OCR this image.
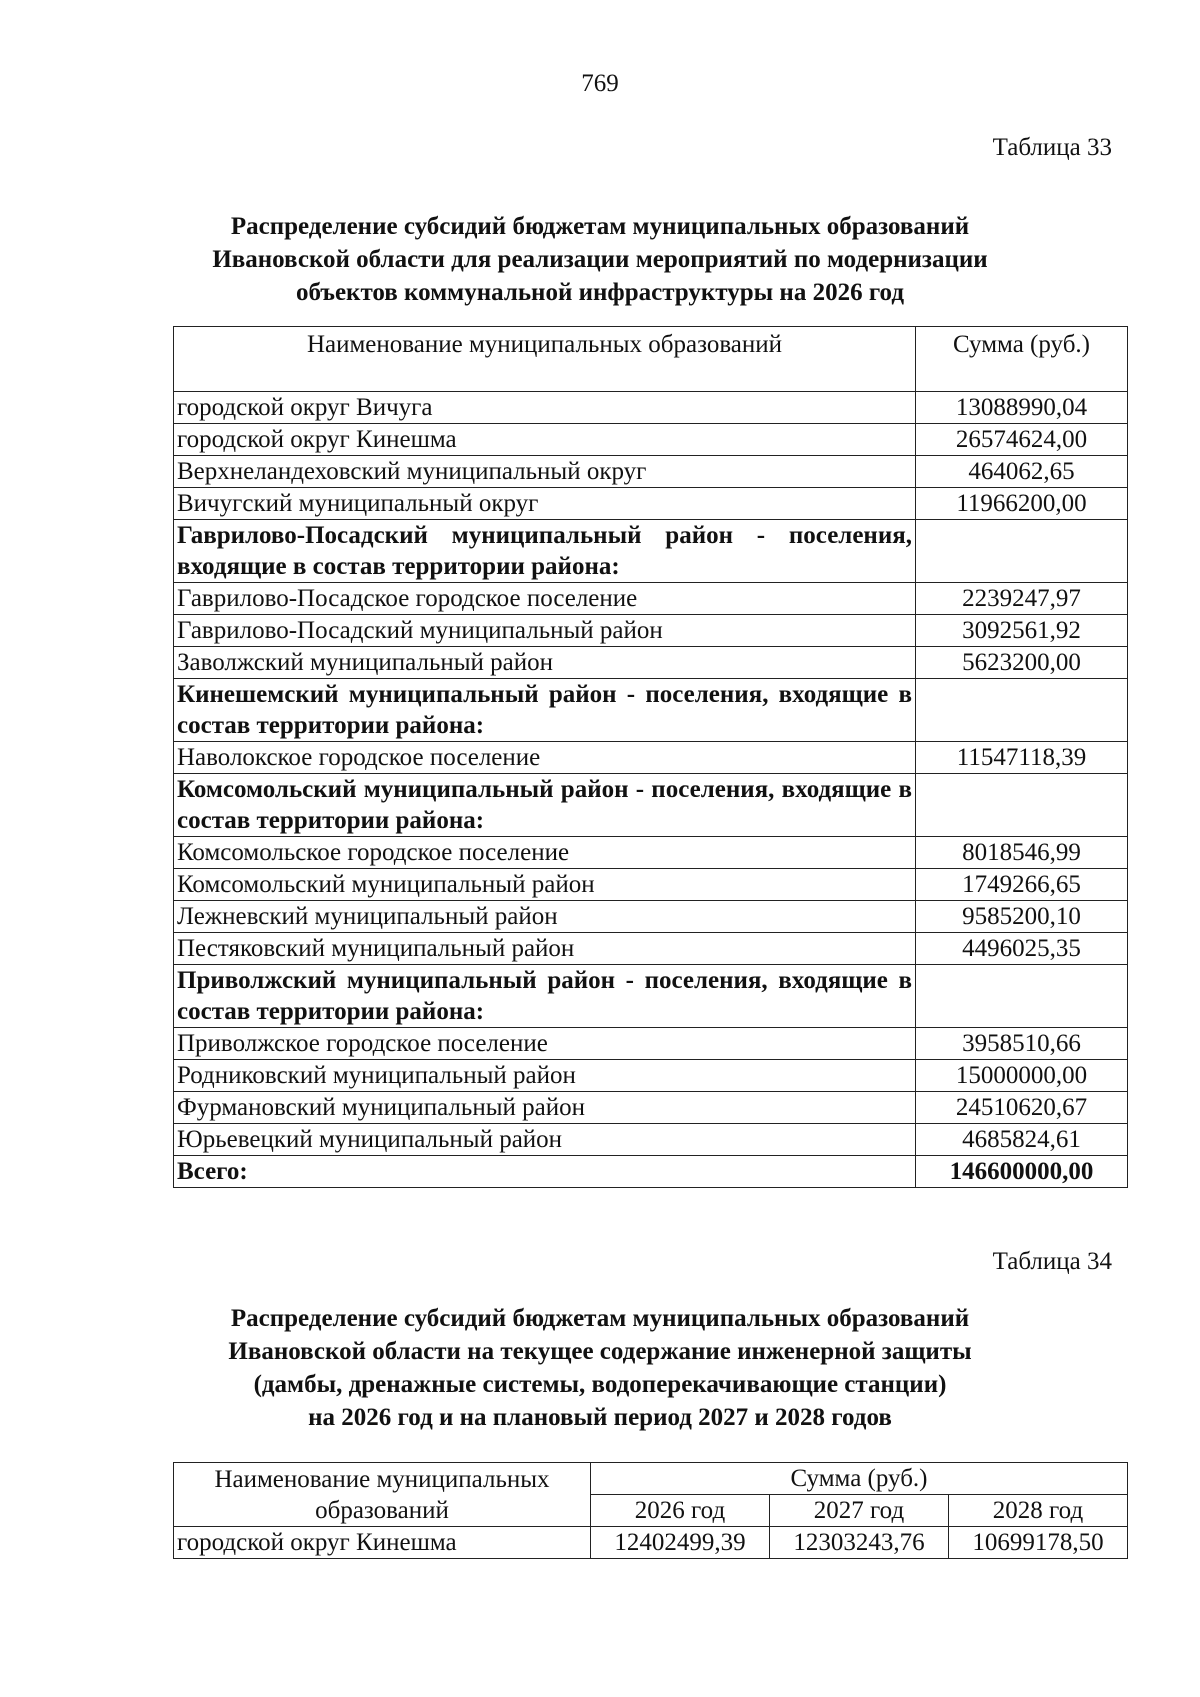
769
Таблица 33
Распределение субсидий бюджетам муниципальных образований
Ивановской области для реализации мероприятий по модернизации
объектов коммунальной инфраструктуры на 2026 год
Наименование муниципальных образований	Сумма (руб.)
городской округ Вичуга	13088990,04
городской округ Кинешма	26574624,00
Верхнеландеховский муниципальный округ	464062,65
Вичугский муниципальный округ	11966200,00
Гаврилово-Посадский муниципальный район - поселения, входящие в состав территории района:	
Гаврилово-Посадское городское поселение	2239247,97
Гаврилово-Посадский муниципальный район	3092561,92
Заволжский муниципальный район	5623200,00
Кинешемский муниципальный район - поселения, входящие в состав территории района:	
Наволокское городское поселение	11547118,39
Комсомольский муниципальный район - поселения, входящие в состав территории района:	
Комсомольское городское поселение	8018546,99
Комсомольский муниципальный район	1749266,65
Лежневский муниципальный район	9585200,10
Пестяковский муниципальный район	4496025,35
Приволжский муниципальный район - поселения, входящие в состав территории района:	
Приволжское городское поселение	3958510,66
Родниковский муниципальный район	15000000,00
Фурмановский муниципальный район	24510620,67
Юрьевецкий муниципальный район	4685824,61
Всего:	146600000,00
Таблица 34
Распределение субсидий бюджетам муниципальных образований
Ивановской области на текущее содержание инженерной защиты
(дамбы, дренажные системы, водоперекачивающие станции)
на 2026 год и на плановый период 2027 и 2028 годов
Наименование муниципальных образований	Сумма (руб.)		
	2026 год	2027 год	2028 год
городской округ Кинешма	12402499,39	12303243,76	10699178,50
